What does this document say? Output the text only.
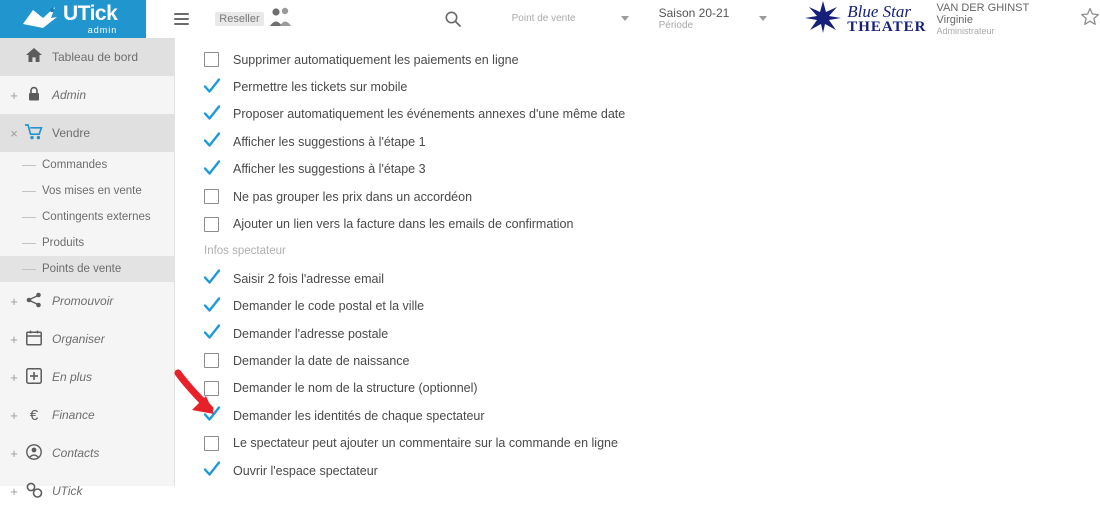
UTick
admin
Reseller	Point de vente	Saison 20-21
Période
Blue Star
THEATER
VAN DER GHINST Virginie
Administrateur
Tableau de bord
+	Admin
×	Vendre
Commandes
Vos mises en vente
Contingents externes
Produits
Points de vente
+	Promouvoir
+	Organiser
+	En plus
+ €	Finance
+	Contacts
+	UTick
Supprimer automatiquement les paiements en ligne
Permettre les tickets sur mobile
Proposer automatiquement les événements annexes d'une même date
Afficher les suggestions à l'étape 1
Afficher les suggestions à l'étape 3
Ne pas grouper les prix dans un accordéon
Ajouter un lien vers la facture dans les emails de confirmation
Infos spectateur
Saisir 2 fois l'adresse email
Demander le code postal et la ville
Demander l'adresse postale
Demander la date de naissance
Demander le nom de la structure (optionnel)
Demander les identités de chaque spectateur
Le spectateur peut ajouter un commentaire sur la commande en ligne
Ouvrir l'espace spectateur
